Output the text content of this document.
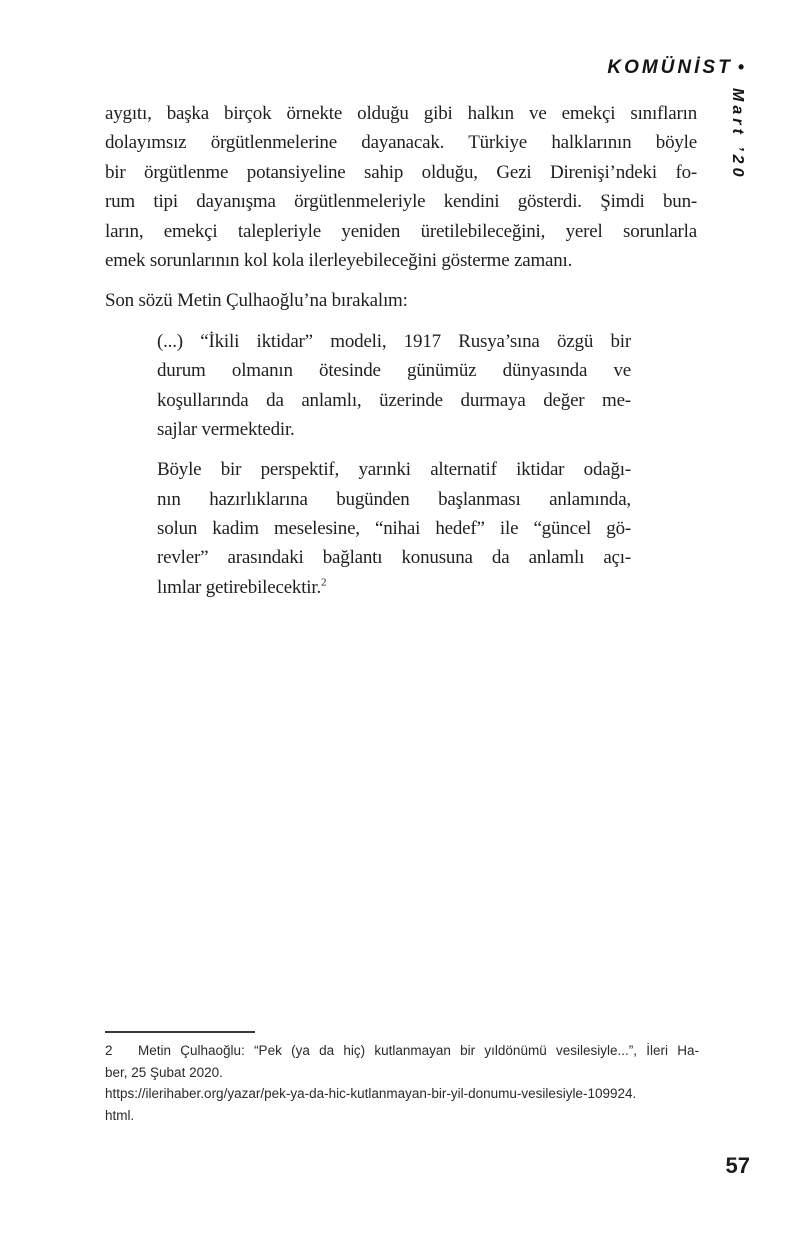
KOMÜNİST •
Mart ’20
aygıtı, başka birçok örnekte olduğu gibi halkın ve emekçi sınıfların
dolayımsız örgütlenmelerine dayanacak. Türkiye halklarının böyle
bir örgütlenme potansiyeline sahip olduğu, Gezi Direnişi’ndeki fo-
rum tipi dayanışma örgütlenmeleriyle kendini gösterdi. Şimdi bun-
ların, emekçi talepleriyle yeniden üretilebileceğini, yerel sorunlarla
emek sorunlarının kol kola ilerleyebileceğini gösterme zamanı.
Son sözü Metin Çulhaoğlu’na bırakalım:
(...) “İkili iktidar” modeli, 1917 Rusya’sına özgü bir
durum olmanın ötesinde günümüz dünyasında ve
koşullarında da anlamlı, üzerinde durmaya değer me-
sajlar vermektedir.
Böyle bir perspektif, yarınki alternatif iktidar odağı-
nın hazırlıklarına bugünden başlanması anlamında,
solun kadim meselesine, “nihai hedef” ile “güncel gö-
revler” arasındaki bağlantı konusuna da anlamlı açı-
lımlar getirebilecektir.$^2$
2 Metin Çulhaoğlu: “Pek (ya da hiç) kutlanmayan bir yıldönümü vesilesiyle...”, İleri Ha-
ber, 25 Şubat 2020.
https://ilerihaber.org/yazar/pek-ya-da-hic-kutlanmayan-bir-yil-donumu-vesilesiyle-109924.
html.
57
